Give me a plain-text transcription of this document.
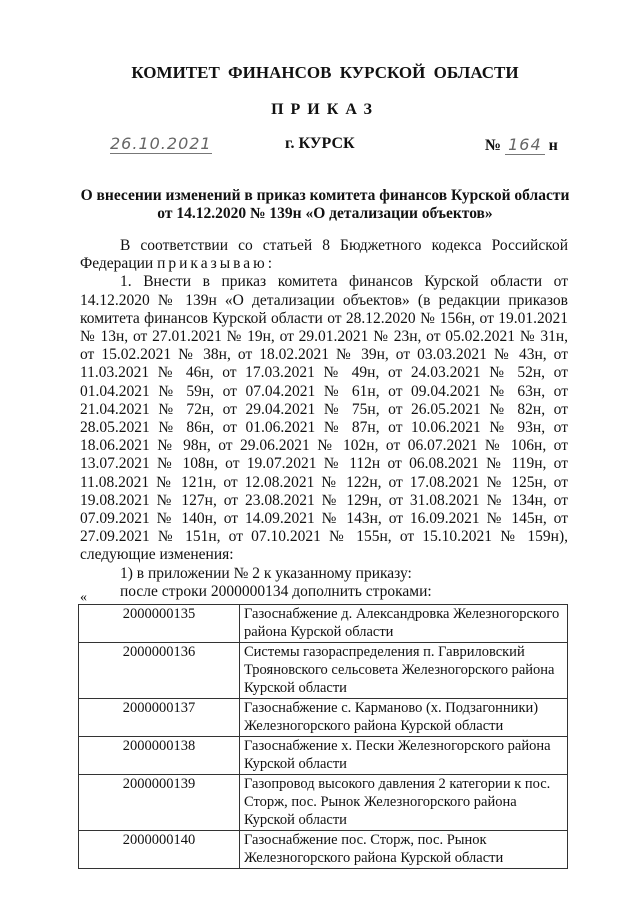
КОМИТЕТ ФИНАНСОВ КУРСКОЙ ОБЛАСТИ
ПРИКАЗ
26.10.2021	г. КУРСК	№ 164 н
О внесении изменений в приказ комитета финансов Курской области
от 14.12.2020 № 139н «О детализации объектов»

В соответствии со статьей 8 Бюджетного кодекса Российской Федерации приказываю:

1. Внести в приказ комитета финансов Курской области от 14.12.2020 № 139н «О детализации объектов» (в редакции приказов комитета финансов Курской области от 28.12.2020 № 156н, от 19.01.2021 № 13н, от 27.01.2021 № 19н, от 29.01.2021 № 23н, от 05.02.2021 № 31н, от 15.02.2021 № 38н, от 18.02.2021 № 39н, от 03.03.2021 № 43н, от 11.03.2021 № 46н, от 17.03.2021 № 49н, от 24.03.2021 № 52н, от 01.04.2021 № 59н, от 07.04.2021 № 61н, от 09.04.2021 № 63н, от 21.04.2021 № 72н, от 29.04.2021 № 75н, от 26.05.2021 № 82н, от 28.05.2021 № 86н, от 01.06.2021 № 87н, от 10.06.2021 № 93н, от 18.06.2021 № 98н, от 29.06.2021 № 102н, от 06.07.2021 № 106н, от 13.07.2021 № 108н, от 19.07.2021 № 112н от 06.08.2021 № 119н, от 11.08.2021 № 121н, от 12.08.2021 № 122н, от 17.08.2021 № 125н, от 19.08.2021 № 127н, от 23.08.2021 № 129н, от 31.08.2021 № 134н, от 07.09.2021 № 140н, от 14.09.2021 № 143н, от 16.09.2021 № 145н, от 27.09.2021 № 151н, от 07.10.2021 № 155н, от 15.10.2021 № 159н), следующие изменения:

1) в приложении № 2 к указанному приказу:

после строки 2000000134 дополнить строками:

«
2000000135	Газоснабжение д. Александровка Железногорского района Курской области
2000000136	Системы газораспределения п. Гавриловский Трояновского сельсовета Железногорского района Курской области
2000000137	Газоснабжение с. Карманово (х. Подзагонники) Железногорского района Курской области
2000000138	Газоснабжение х. Пески Железногорского района Курской области
2000000139	Газопровод высокого давления 2 категории к пос. Сторж, пос. Рынок Железногорского района Курской области
2000000140	Газоснабжение пос. Сторж, пос. Рынок Железногорского района Курской области
